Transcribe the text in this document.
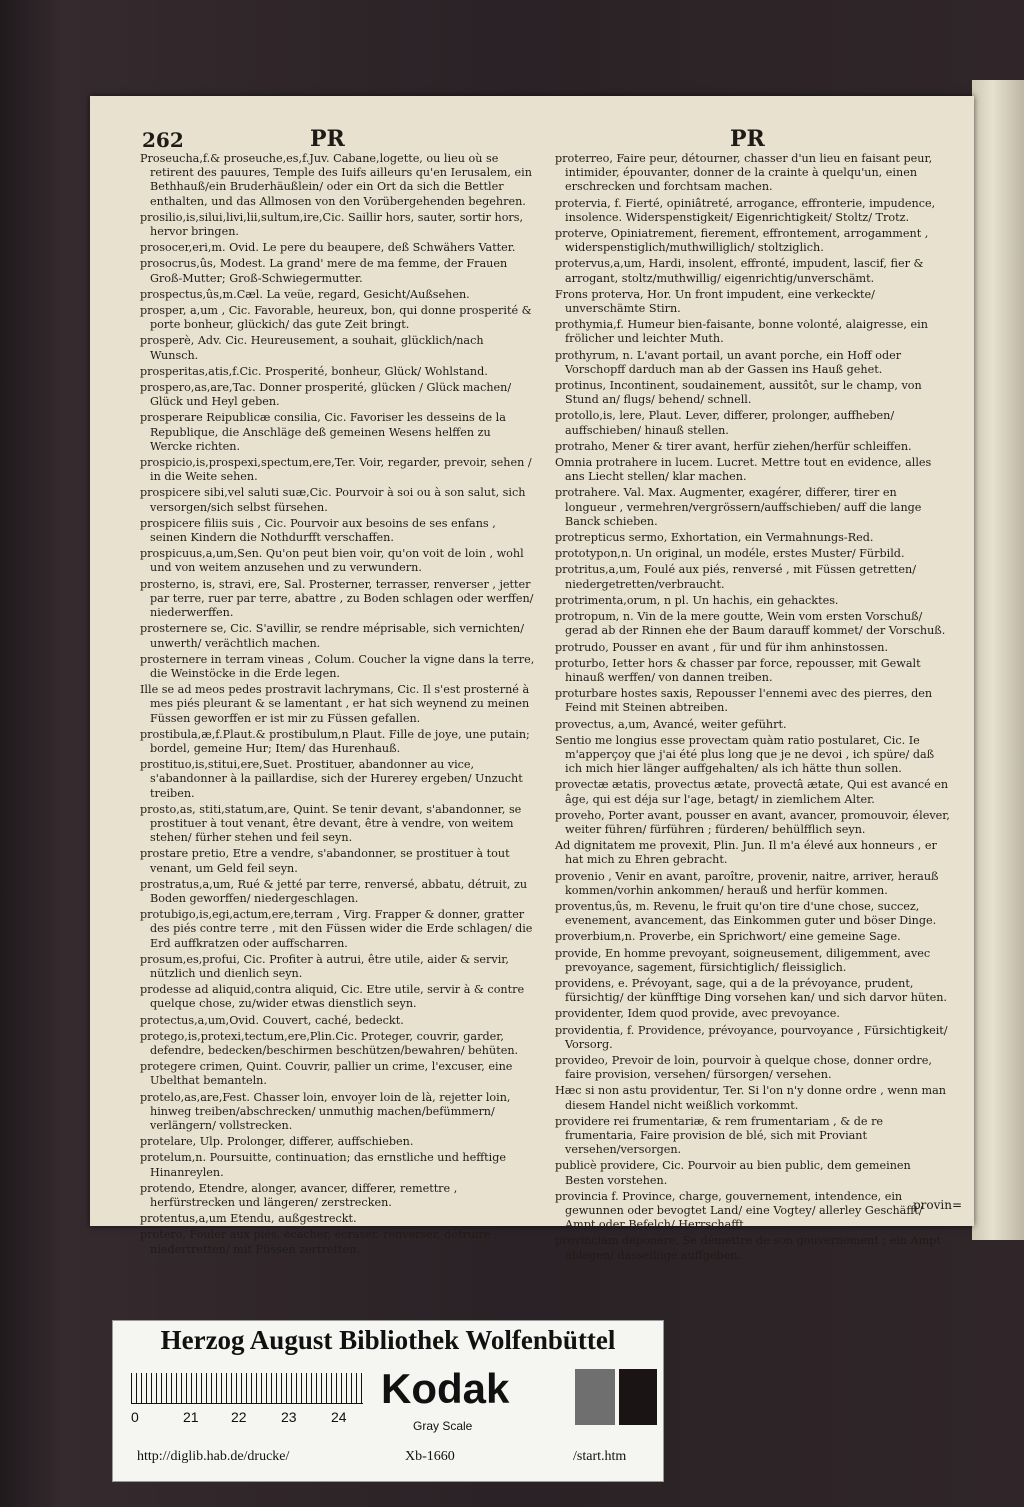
262	PR	PR
Proseucha,f.& proseuche,es,f.Juv. Cabane,logette, ou lieu où se retirent des pauures, Temple des Iuifs ailleurs qu'en Ierusalem, ein Bethhauß/ein Bruderhäußlein/ oder ein Ort da sich die Bettler enthalten, und das Allmosen von den Vorübergehenden begehren.
prosilio,is,silui,livi,lii,sultum,ire,Cic. Saillir hors, sauter, sortir hors, hervor bringen.
prosocer,eri,m. Ovid. Le pere du beaupere, deß Schwähers Vatter.
prosocrus,ûs, Modest. La grand' mere de ma femme, der Frauen Groß-Mutter; Groß-Schwiegermutter.
prospectus,ûs,m.Cæl. La veüe, regard, Gesicht/Außsehen.
prosper, a,um , Cic. Favorable, heureux, bon, qui donne prosperité & porte bonheur, glückich/ das gute Zeit bringt.
prosperè, Adv. Cic. Heureusement, a souhait, glücklich/nach Wunsch.
prosperitas,atis,f.Cic. Prosperité, bonheur, Glück/ Wohlstand.
prospero,as,are,Tac. Donner prosperité, glücken / Glück machen/ Glück und Heyl geben.
prosperare Reipublicæ consilia, Cic. Favoriser les desseins de la Republique, die Anschläge deß gemeinen Wesens helffen zu Wercke richten.
prospicio,is,prospexi,spectum,ere,Ter. Voir, regarder, prevoir, sehen / in die Weite sehen.
prospicere sibi,vel saluti suæ,Cic. Pourvoir à soi ou à son salut, sich versorgen/sich selbst fürsehen.
prospicere filiis suis , Cic. Pourvoir aux besoins de ses enfans , seinen Kindern die Nothdurfft verschaffen.
prospicuus,a,um,Sen. Qu'on peut bien voir, qu'on voit de loin , wohl und von weitem anzusehen und zu verwundern.
prosterno, is, stravi, ere, Sal. Prosterner, terrasser, renverser , jetter par terre, ruer par terre, abattre , zu Boden schlagen oder werffen/ niederwerffen.
prosternere se, Cic. S'avillir, se rendre méprisable, sich vernichten/ unwerth/ verächtlich machen.
prosternere in terram vineas , Colum. Coucher la vigne dans la terre, die Weinstöcke in die Erde legen.
Ille se ad meos pedes prostravit lachrymans, Cic. Il s'est prosterné à mes piés pleurant & se lamentant , er hat sich weynend zu meinen Füssen geworffen er ist mir zu Füssen gefallen.
prostibula,æ,f.Plaut.& prostibulum,n Plaut. Fille de joye, une putain; bordel, gemeine Hur; Item/ das Hurenhauß.
prostituo,is,stitui,ere,Suet. Prostituer, abandonner au vice, s'abandonner à la paillardise, sich der Hurerey ergeben/ Unzucht treiben.
prosto,as, stiti,statum,are, Quint. Se tenir devant, s'abandonner, se prostituer à tout venant, être devant, être à vendre, von weitem stehen/ fürher stehen und feil seyn.
prostare pretio, Etre a vendre, s'abandonner, se prostituer à tout venant, um Geld feil seyn.
prostratus,a,um, Rué & jetté par terre, renversé, abbatu, détruit, zu Boden geworffen/ niedergeschlagen.
protubigo,is,egi,actum,ere,terram , Virg. Frapper & donner, gratter des piés contre terre , mit den Füssen wider die Erde schlagen/ die Erd auffkratzen oder auffscharren.
prosum,es,profui, Cic. Profiter à autrui, être utile, aider & servir, nützlich und dienlich seyn.
prodesse ad aliquid,contra aliquid, Cic. Etre utile, servir à & contre quelque chose, zu/wider etwas dienstlich seyn.
protectus,a,um,Ovid. Couvert, caché, bedeckt.
protego,is,protexi,tectum,ere,Plin.Cic. Proteger, couvrir, garder, defendre, bedecken/beschirmen beschützen/bewahren/ behüten.
protegere crimen, Quint. Couvrir, pallier un crime, l'excuser, eine Ubelthat bemanteln.
protelo,as,are,Fest. Chasser loin, envoyer loin de là, rejetter loin, hinweg treiben/abschrecken/ unmuthig machen/befümmern/ verlängern/ vollstrecken.
protelare, Ulp. Prolonger, differer, auffschieben.
protelum,n. Poursuitte, continuation; das ernstliche und hefftige Hinanreylen.
protendo, Etendre, alonger, avancer, differer, remettre , herfürstrecken und längeren/ zerstrecken.
protentus,a,um Etendu, außgestreckt.
protero, Fouler aux piés, écacher, écraser, renverser, détruire , niedertretten/ mit Füssen zertretten.
proterreo, Faire peur, détourner, chasser d'un lieu en faisant peur, intimider, épouvanter, donner de la crainte à quelqu'un, einen erschrecken und forchtsam machen.
protervia, f. Fierté, opiniâtreté, arrogance, effronterie, impudence, insolence. Widerspenstigkeit/ Eigenrichtigkeit/ Stoltz/ Trotz.
proterve, Opiniatrement, fierement, effrontement, arrogamment , widerspenstiglich/muthwilliglich/ stoltziglich.
protervus,a,um, Hardi, insolent, effronté, impudent, lascif, fier & arrogant, stoltz/muthwillig/ eigenrichtig/unverschämt.
Frons proterva, Hor. Un front impudent, eine verkeckte/ unverschämte Stirn.
prothymia,f. Humeur bien-faisante, bonne volonté, alaigresse, ein frölicher und leichter Muth.
prothyrum, n. L'avant portail, un avant porche, ein Hoff oder Vorschopff darduch man ab der Gassen ins Hauß gehet.
protinus, Incontinent, soudainement, aussitôt, sur le champ, von Stund an/ flugs/ behend/ schnell.
protollo,is, lere, Plaut. Lever, differer, prolonger, auffheben/ auffschieben/ hinauß stellen.
protraho, Mener & tirer avant, herfür ziehen/herfür schleiffen.
Omnia protrahere in lucem. Lucret. Mettre tout en evidence, alles ans Liecht stellen/ klar machen.
protrahere. Val. Max. Augmenter, exagérer, differer, tirer en longueur , vermehren/vergrössern/auffschieben/ auff die lange Banck schieben.
protrepticus sermo, Exhortation, ein Vermahnungs-Red.
prototypon,n. Un original, un modéle, erstes Muster/ Fürbild.
protritus,a,um, Foulé aux piés, renversé , mit Füssen getretten/ niedergetretten/verbraucht.
protrimenta,orum, n pl. Un hachis, ein gehacktes.
protropum, n. Vin de la mere goutte, Wein vom ersten Vorschuß/ gerad ab der Rinnen ehe der Baum darauff kommet/ der Vorschuß.
protrudo, Pousser en avant , für und für ihm anhinstossen.
proturbo, Ietter hors & chasser par force, repousser, mit Gewalt hinauß werffen/ von dannen treiben.
proturbare hostes saxis, Repousser l'ennemi avec des pierres, den Feind mit Steinen abtreiben.
provectus, a,um, Avancé, weiter geführt.
Sentio me longius esse provectam quàm ratio postularet, Cic. Ie m'apperçoy que j'ai été plus long que je ne devoi , ich spüre/ daß ich mich hier länger auffgehalten/ als ich hätte thun sollen.
provectæ ætatis, provectus ætate, provectâ ætate, Qui est avancé en âge, qui est déja sur l'age, betagt/ in ziemlichem Alter.
proveho, Porter avant, pousser en avant, avancer, promouvoir, élever, weiter führen/ fürführen ; fürderen/ behülfflich seyn.
Ad dignitatem me provexit, Plin. Jun. Il m'a élevé aux honneurs , er hat mich zu Ehren gebracht.
provenio , Venir en avant, paroître, provenir, naitre, arriver, herauß kommen/vorhin ankommen/ herauß und herfür kommen.
proventus,ûs, m. Revenu, le fruit qu'on tire d'une chose, succez, evenement, avancement, das Einkommen guter und böser Dinge.
proverbium,n. Proverbe, ein Sprichwort/ eine gemeine Sage.
provide, En homme prevoyant, soigneusement, diligemment, avec prevoyance, sagement, fürsichtiglich/ fleissiglich.
providens, e. Prévoyant, sage, qui a de la prévoyance, prudent, fürsichtig/ der künfftige Ding vorsehen kan/ und sich darvor hüten.
providenter, Idem quod provide, avec prevoyance.
providentia, f. Providence, prévoyance, pourvoyance , Fürsichtigkeit/ Vorsorg.
provideo, Prevoir de loin, pourvoir à quelque chose, donner ordre, faire provision, versehen/ fürsorgen/ versehen.
Hæc si non astu providentur, Ter. Si l'on n'y donne ordre , wenn man diesem Handel nicht weißlich vorkommt.
providere rei frumentariæ, & rem frumentariam , & de re frumentaria, Faire provision de blé, sich mit Proviant versehen/versorgen.
publicè providere, Cic. Pourvoir au bien public, dem gemeinen Besten vorstehen.
provincia f. Province, charge, gouvernement, intendence, ein gewunnen oder bevogtet Land/ eine Vogtey/ allerley Geschäfft/ Ampt oder Befelch/ Herrschafft.
provinciam deponere, Se démettre de son gouvernement ; ein Ampt ablegen/ dasselbige auffgeben.
provin=
Herzog August Bibliothek Wolfenbüttel
0	21 22 23 24
Kodak
Gray Scale
http://diglib.hab.de/drucke/	Xb-1660	/start.htm
